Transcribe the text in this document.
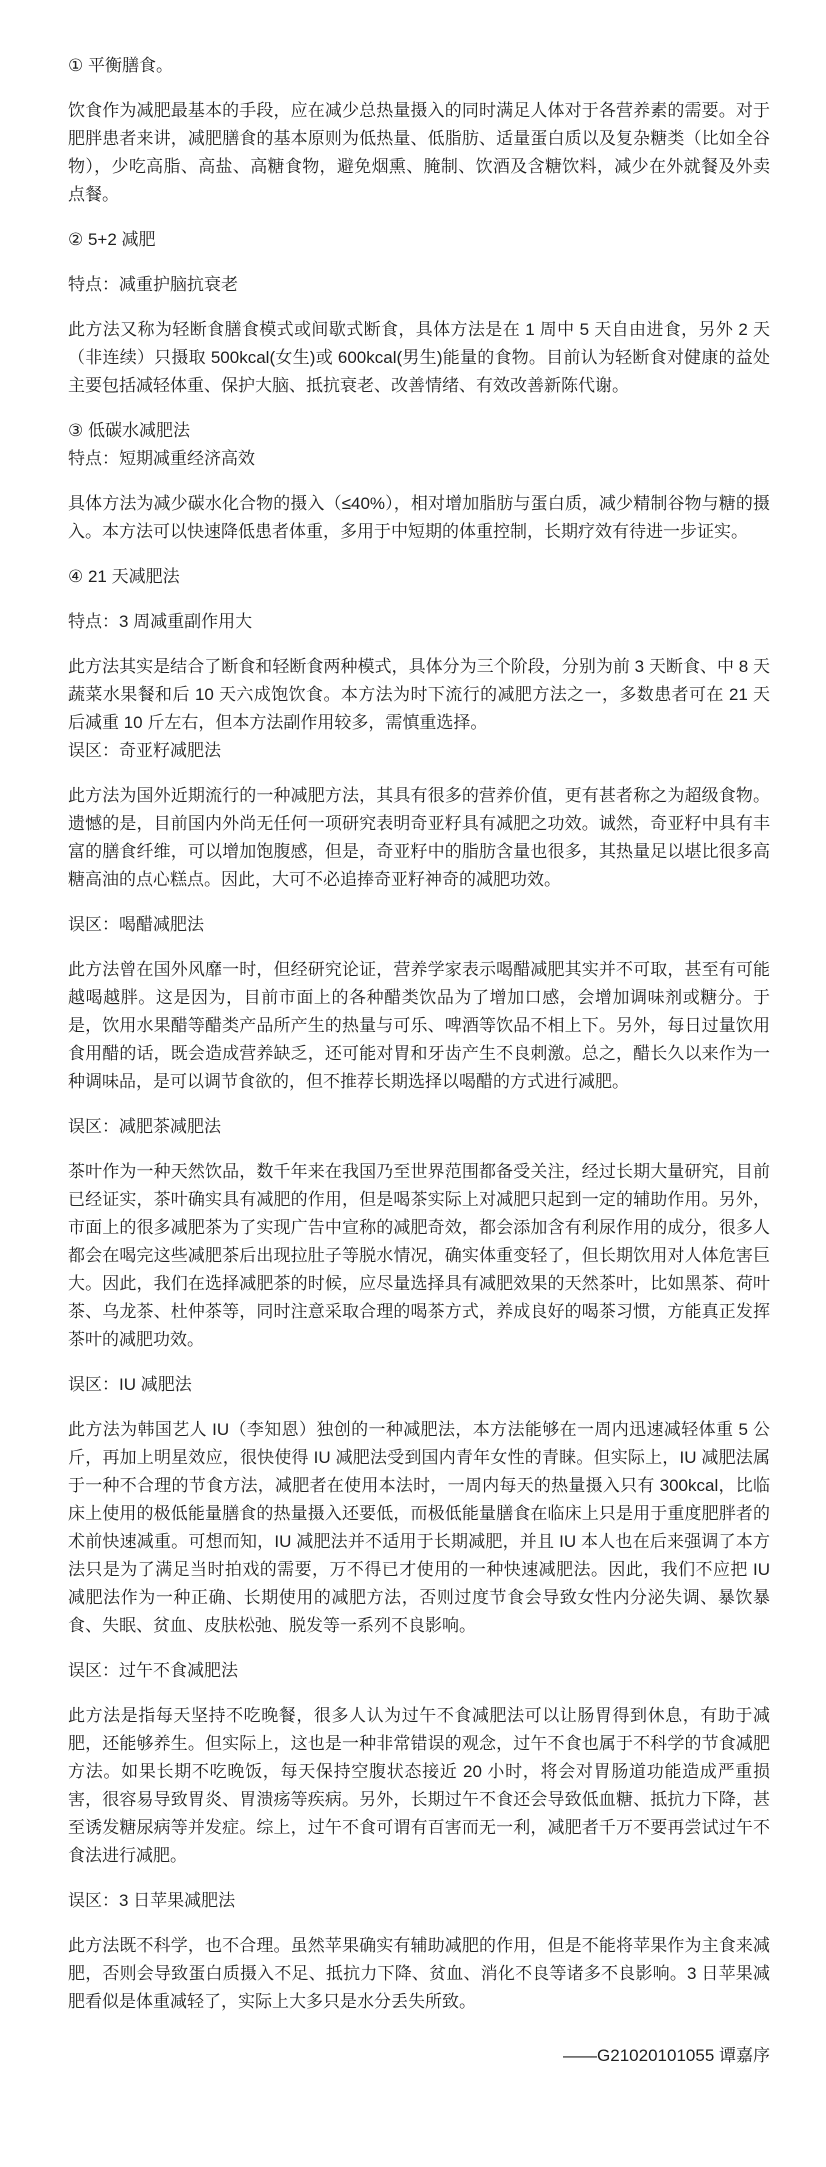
① 平衡膳食。
饮食作为减肥最基本的手段，应在减少总热量摄入的同时满足人体对于各营养素的需要。对于肥胖患者来讲，减肥膳食的基本原则为低热量、低脂肪、适量蛋白质以及复杂糖类（比如全谷物），少吃高脂、高盐、高糖食物，避免烟熏、腌制、饮酒及含糖饮料，减少在外就餐及外卖点餐。
② 5+2 减肥
特点：减重护脑抗衰老
此方法又称为轻断食膳食模式或间歇式断食，具体方法是在 1 周中 5 天自由进食，另外 2 天（非连续）只摄取 500kcal(女生)或 600kcal(男生)能量的食物。目前认为轻断食对健康的益处主要包括减轻体重、保护大脑、抵抗衰老、改善情绪、有效改善新陈代谢。
③ 低碳水减肥法
特点：短期减重经济高效
具体方法为减少碳水化合物的摄入（≤40%），相对增加脂肪与蛋白质，减少精制谷物与糖的摄入。本方法可以快速降低患者体重，多用于中短期的体重控制，长期疗效有待进一步证实。
④ 21 天减肥法
特点：3 周减重副作用大
此方法其实是结合了断食和轻断食两种模式，具体分为三个阶段，分别为前 3 天断食、中 8 天蔬菜水果餐和后 10 天六成饱饮食。本方法为时下流行的减肥方法之一，多数患者可在 21 天后减重 10 斤左右，但本方法副作用较多，需慎重选择。
误区：奇亚籽减肥法
此方法为国外近期流行的一种减肥方法，其具有很多的营养价值，更有甚者称之为超级食物。遗憾的是，目前国内外尚无任何一项研究表明奇亚籽具有减肥之功效。诚然，奇亚籽中具有丰富的膳食纤维，可以增加饱腹感，但是，奇亚籽中的脂肪含量也很多，其热量足以堪比很多高糖高油的点心糕点。因此，大可不必追捧奇亚籽神奇的减肥功效。
误区：喝醋减肥法
此方法曾在国外风靡一时，但经研究论证，营养学家表示喝醋减肥其实并不可取，甚至有可能越喝越胖。这是因为，目前市面上的各种醋类饮品为了增加口感，会增加调味剂或糖分。于是，饮用水果醋等醋类产品所产生的热量与可乐、啤酒等饮品不相上下。另外，每日过量饮用食用醋的话，既会造成营养缺乏，还可能对胃和牙齿产生不良刺激。总之，醋长久以来作为一种调味品，是可以调节食欲的，但不推荐长期选择以喝醋的方式进行减肥。
误区：减肥茶减肥法
茶叶作为一种天然饮品，数千年来在我国乃至世界范围都备受关注，经过长期大量研究，目前已经证实，茶叶确实具有减肥的作用，但是喝茶实际上对减肥只起到一定的辅助作用。另外，市面上的很多减肥茶为了实现广告中宣称的减肥奇效，都会添加含有利尿作用的成分，很多人都会在喝完这些减肥茶后出现拉肚子等脱水情况，确实体重变轻了，但长期饮用对人体危害巨大。因此，我们在选择减肥茶的时候，应尽量选择具有减肥效果的天然茶叶，比如黑茶、荷叶茶、乌龙茶、杜仲茶等，同时注意采取合理的喝茶方式，养成良好的喝茶习惯，方能真正发挥茶叶的减肥功效。
误区：IU 减肥法
此方法为韩国艺人 IU（李知恩）独创的一种减肥法，本方法能够在一周内迅速减轻体重 5 公斤，再加上明星效应，很快使得 IU 减肥法受到国内青年女性的青睐。但实际上，IU 减肥法属于一种不合理的节食方法，减肥者在使用本法时，一周内每天的热量摄入只有 300kcal，比临床上使用的极低能量膳食的热量摄入还要低，而极低能量膳食在临床上只是用于重度肥胖者的术前快速减重。可想而知，IU 减肥法并不适用于长期减肥，并且 IU 本人也在后来强调了本方法只是为了满足当时拍戏的需要，万不得已才使用的一种快速减肥法。因此，我们不应把 IU 减肥法作为一种正确、长期使用的减肥方法，否则过度节食会导致女性内分泌失调、暴饮暴食、失眠、贫血、皮肤松弛、脱发等一系列不良影响。
误区：过午不食减肥法
此方法是指每天坚持不吃晚餐，很多人认为过午不食减肥法可以让肠胃得到休息，有助于减肥，还能够养生。但实际上，这也是一种非常错误的观念，过午不食也属于不科学的节食减肥方法。如果长期不吃晚饭，每天保持空腹状态接近 20 小时，将会对胃肠道功能造成严重损害，很容易导致胃炎、胃溃疡等疾病。另外，长期过午不食还会导致低血糖、抵抗力下降，甚至诱发糖尿病等并发症。综上，过午不食可谓有百害而无一利，减肥者千万不要再尝试过午不食法进行减肥。
误区：3 日苹果减肥法
此方法既不科学，也不合理。虽然苹果确实有辅助减肥的作用，但是不能将苹果作为主食来减肥，否则会导致蛋白质摄入不足、抵抗力下降、贫血、消化不良等诸多不良影响。3 日苹果减肥看似是体重减轻了，实际上大多只是水分丢失所致。
——G21020101055 谭嘉序
